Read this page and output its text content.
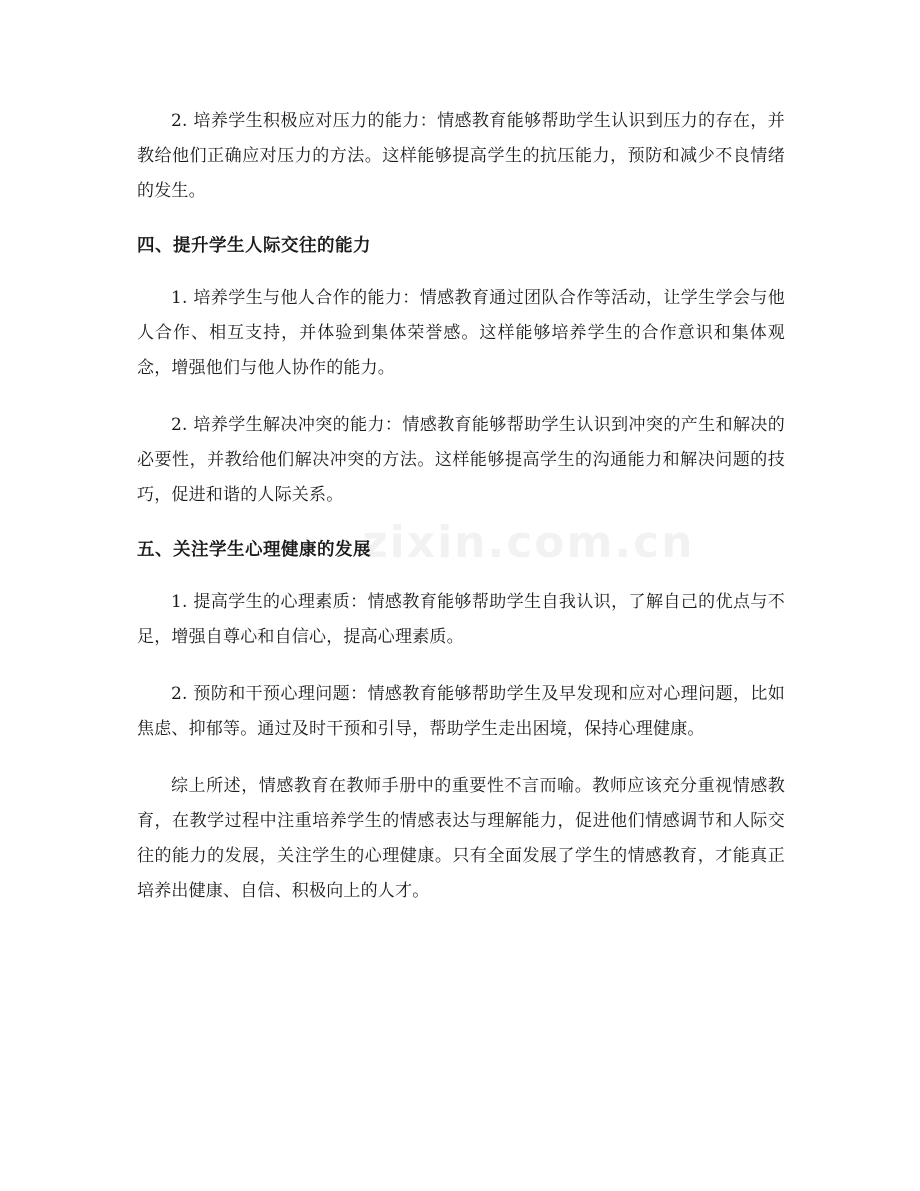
2. 培养学生积极应对压力的能力：情感教育能够帮助学生认识到压力的存在，并教给他们正确应对压力的方法。这样能够提高学生的抗压能力，预防和减少不良情绪的发生。

四、提升学生人际交往的能力

1. 培养学生与他人合作的能力：情感教育通过团队合作等活动，让学生学会与他人合作、相互支持，并体验到集体荣誉感。这样能够培养学生的合作意识和集体观念，增强他们与他人协作的能力。

2. 培养学生解决冲突的能力：情感教育能够帮助学生认识到冲突的产生和解决的必要性，并教给他们解决冲突的方法。这样能够提高学生的沟通能力和解决问题的技巧，促进和谐的人际关系。

五、关注学生心理健康的发展

1. 提高学生的心理素质：情感教育能够帮助学生自我认识，了解自己的优点与不足，增强自尊心和自信心，提高心理素质。

2. 预防和干预心理问题：情感教育能够帮助学生及早发现和应对心理问题，比如焦虑、抑郁等。通过及时干预和引导，帮助学生走出困境，保持心理健康。

综上所述，情感教育在教师手册中的重要性不言而喻。教师应该充分重视情感教育，在教学过程中注重培养学生的情感表达与理解能力，促进他们情感调节和人际交往的能力的发展，关注学生的心理健康。只有全面发展了学生的情感教育，才能真正培养出健康、自信、积极向上的人才。

zixin.com.cn
